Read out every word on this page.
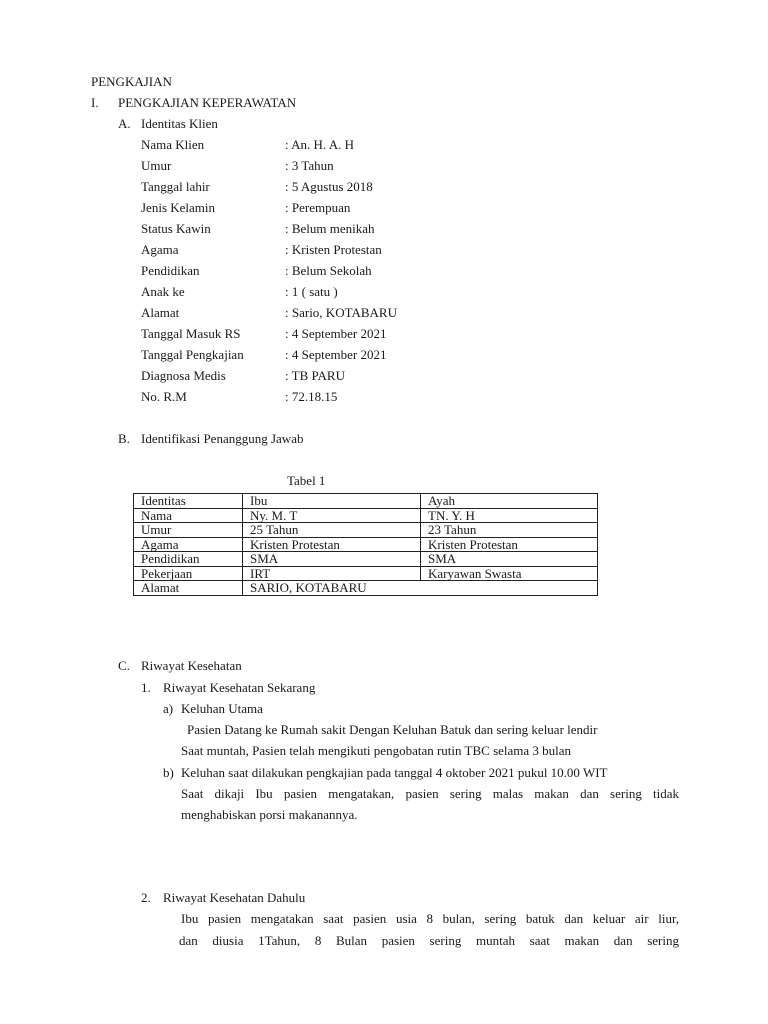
PENGKAJIAN
I. PENGKAJIAN KEPERAWATAN
A. Identitas Klien
Nama Klien	: An. H. A. H
Umur	: 3 Tahun
Tanggal lahir	: 5 Agustus 2018
Jenis Kelamin	: Perempuan
Status Kawin	: Belum menikah
Agama	: Kristen Protestan
Pendidikan	: Belum Sekolah
Anak ke	: 1 ( satu )
Alamat	: Sario, KOTABARU
Tanggal Masuk RS	: 4 September 2021
Tanggal Pengkajian	: 4 September 2021
Diagnosa Medis	: TB PARU
No. R.M	: 72.18.15
B. Identifikasi Penanggung Jawab
Tabel 1
Identitas	Ibu	Ayah
Nama	Ny. M. T	TN. Y. H
Umur	25 Tahun	23 Tahun
Agama	Kristen Protestan	Kristen Protestan
Pendidikan	SMA	SMA
Pekerjaan	IRT	Karyawan Swasta
Alamat	SARIO, KOTABARU	
C. Riwayat Kesehatan
1. Riwayat Kesehatan Sekarang
a) Keluhan Utama
Pasien Datang ke Rumah sakit Dengan Keluhan Batuk dan sering keluar lendir
Saat muntah, Pasien telah mengikuti pengobatan rutin TBC selama 3 bulan
b) Keluhan saat dilakukan pengkajian pada tanggal 4 oktober 2021 pukul 10.00 WIT
Saat dikaji Ibu pasien mengatakan, pasien sering malas makan dan sering tidak
menghabiskan porsi makanannya.
2. Riwayat Kesehatan Dahulu
Ibu pasien mengatakan saat pasien usia 8 bulan, sering batuk dan keluar air liur,
dan diusia 1Tahun, 8 Bulan pasien sering muntah saat makan dan sering
